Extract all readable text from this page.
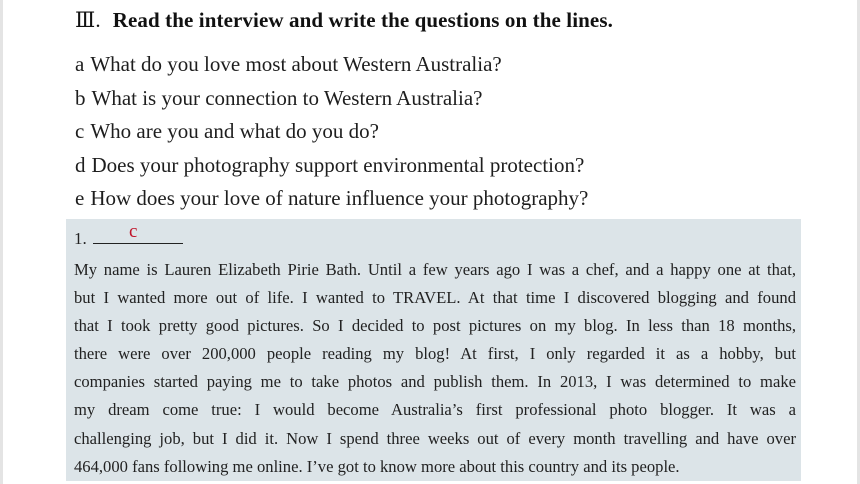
Ⅲ. Read the interview and write the questions on the lines.
a What do you love most about Western Australia?
b What is your connection to Western Australia?
c Who are you and what do you do?
d Does your photography support environmental protection?
e How does your love of nature influence your photography?
1. c
My name is Lauren Elizabeth Pirie Bath. Until a few years ago I was a chef, and a happy one at that,
but I wanted more out of life. I wanted to TRAVEL. At that time I discovered blogging and found
that I took pretty good pictures. So I decided to post pictures on my blog. In less than 18 months,
there were over 200,000 people reading my blog! At first, I only regarded it as a hobby, but
companies started paying me to take photos and publish them. In 2013, I was determined to make
my dream come true: I would become Australia’s first professional photo blogger. It was a
challenging job, but I did it. Now I spend three weeks out of every month travelling and have over
464,000 fans following me online. I’ve got to know more about this country and its people.
